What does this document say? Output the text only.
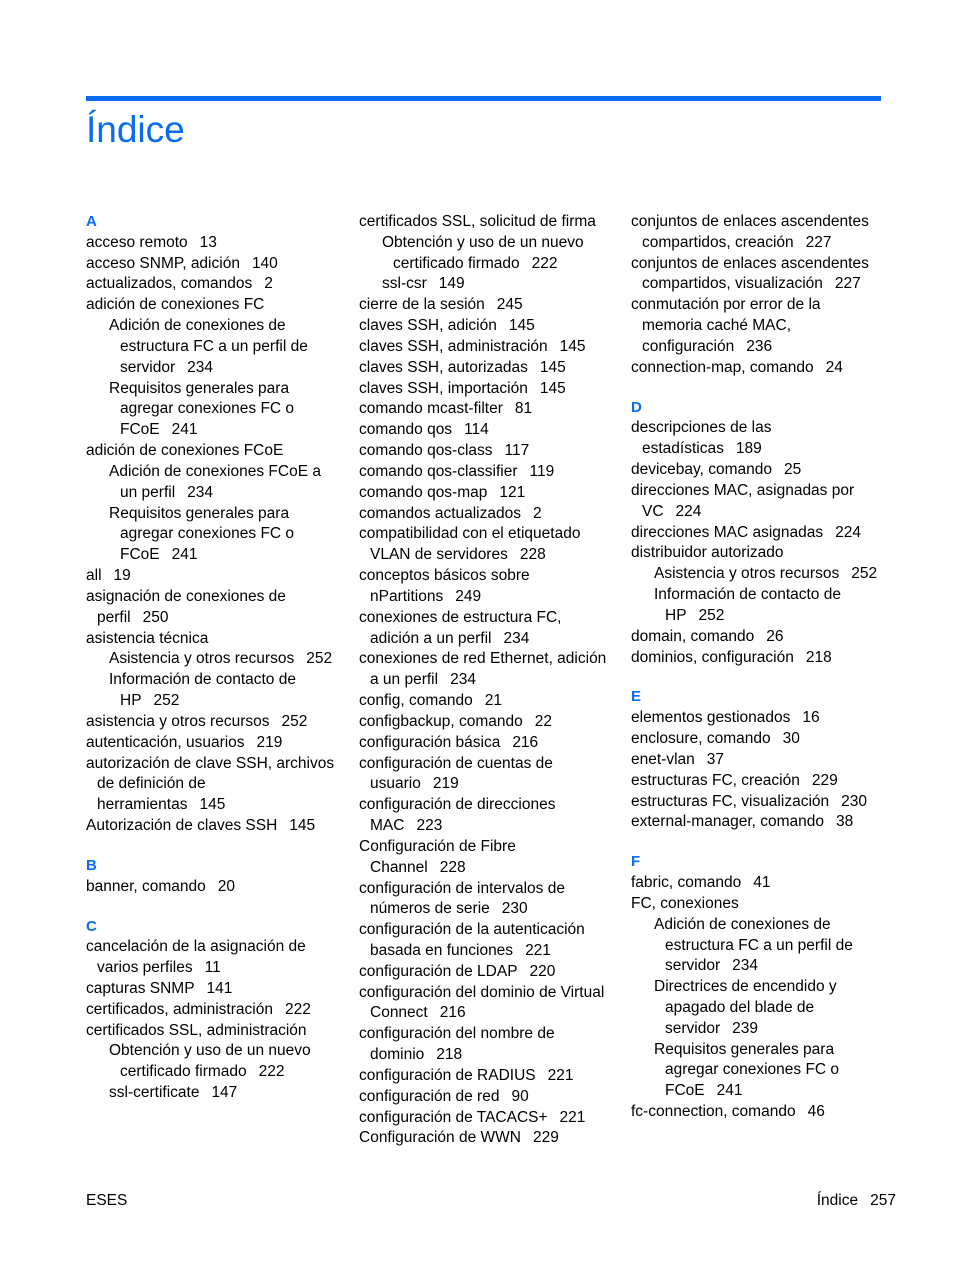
Índice
A
acceso remoto 13
acceso SNMP, adición 140
actualizados, comandos 2
adición de conexiones FC
Adición de conexiones de estructura FC a un perfil de servidor 234
Requisitos generales para agregar conexiones FC o FCoE 241
adición de conexiones FCoE
Adición de conexiones FCoE a un perfil 234
Requisitos generales para agregar conexiones FC o FCoE 241
all 19
asignación de conexiones de perfil 250
asistencia técnica
Asistencia y otros recursos 252
Información de contacto de HP 252
asistencia y otros recursos 252
autenticación, usuarios 219
autorización de clave SSH, archivos de definición de herramientas 145
Autorización de claves SSH 145
B
banner, comando 20
C
cancelación de la asignación de varios perfiles 11
capturas SNMP 141
certificados, administración 222
certificados SSL, administración
Obtención y uso de un nuevo certificado firmado 222
ssl-certificate 147
certificados SSL, solicitud de firma
Obtención y uso de un nuevo certificado firmado 222
ssl-csr 149
cierre de la sesión 245
claves SSH, adición 145
claves SSH, administración 145
claves SSH, autorizadas 145
claves SSH, importación 145
comando mcast-filter 81
comando qos 114
comando qos-class 117
comando qos-classifier 119
comando qos-map 121
comandos actualizados 2
compatibilidad con el etiquetado VLAN de servidores 228
conceptos básicos sobre nPartitions 249
conexiones de estructura FC, adición a un perfil 234
conexiones de red Ethernet, adición a un perfil 234
config, comando 21
configbackup, comando 22
configuración básica 216
configuración de cuentas de usuario 219
configuración de direcciones MAC 223
Configuración de Fibre Channel 228
configuración de intervalos de números de serie 230
configuración de la autenticación basada en funciones 221
configuración de LDAP 220
configuración del dominio de Virtual Connect 216
configuración del nombre de dominio 218
configuración de RADIUS 221
configuración de red 90
configuración de TACACS+ 221
Configuración de WWN 229
conjuntos de enlaces ascendentes compartidos, creación 227
conjuntos de enlaces ascendentes compartidos, visualización 227
conmutación por error de la memoria caché MAC, configuración 236
connection-map, comando 24
D
descripciones de las estadísticas 189
devicebay, comando 25
direcciones MAC, asignadas por VC 224
direcciones MAC asignadas 224
distribuidor autorizado
Asistencia y otros recursos 252
Información de contacto de HP 252
domain, comando 26
dominios, configuración 218
E
elementos gestionados 16
enclosure, comando 30
enet-vlan 37
estructuras FC, creación 229
estructuras FC, visualización 230
external-manager, comando 38
F
fabric, comando 41
FC, conexiones
Adición de conexiones de estructura FC a un perfil de servidor 234
Directrices de encendido y apagado del blade de servidor 239
Requisitos generales para agregar conexiones FC o FCoE 241
fc-connection, comando 46
ESES	Índice 257
